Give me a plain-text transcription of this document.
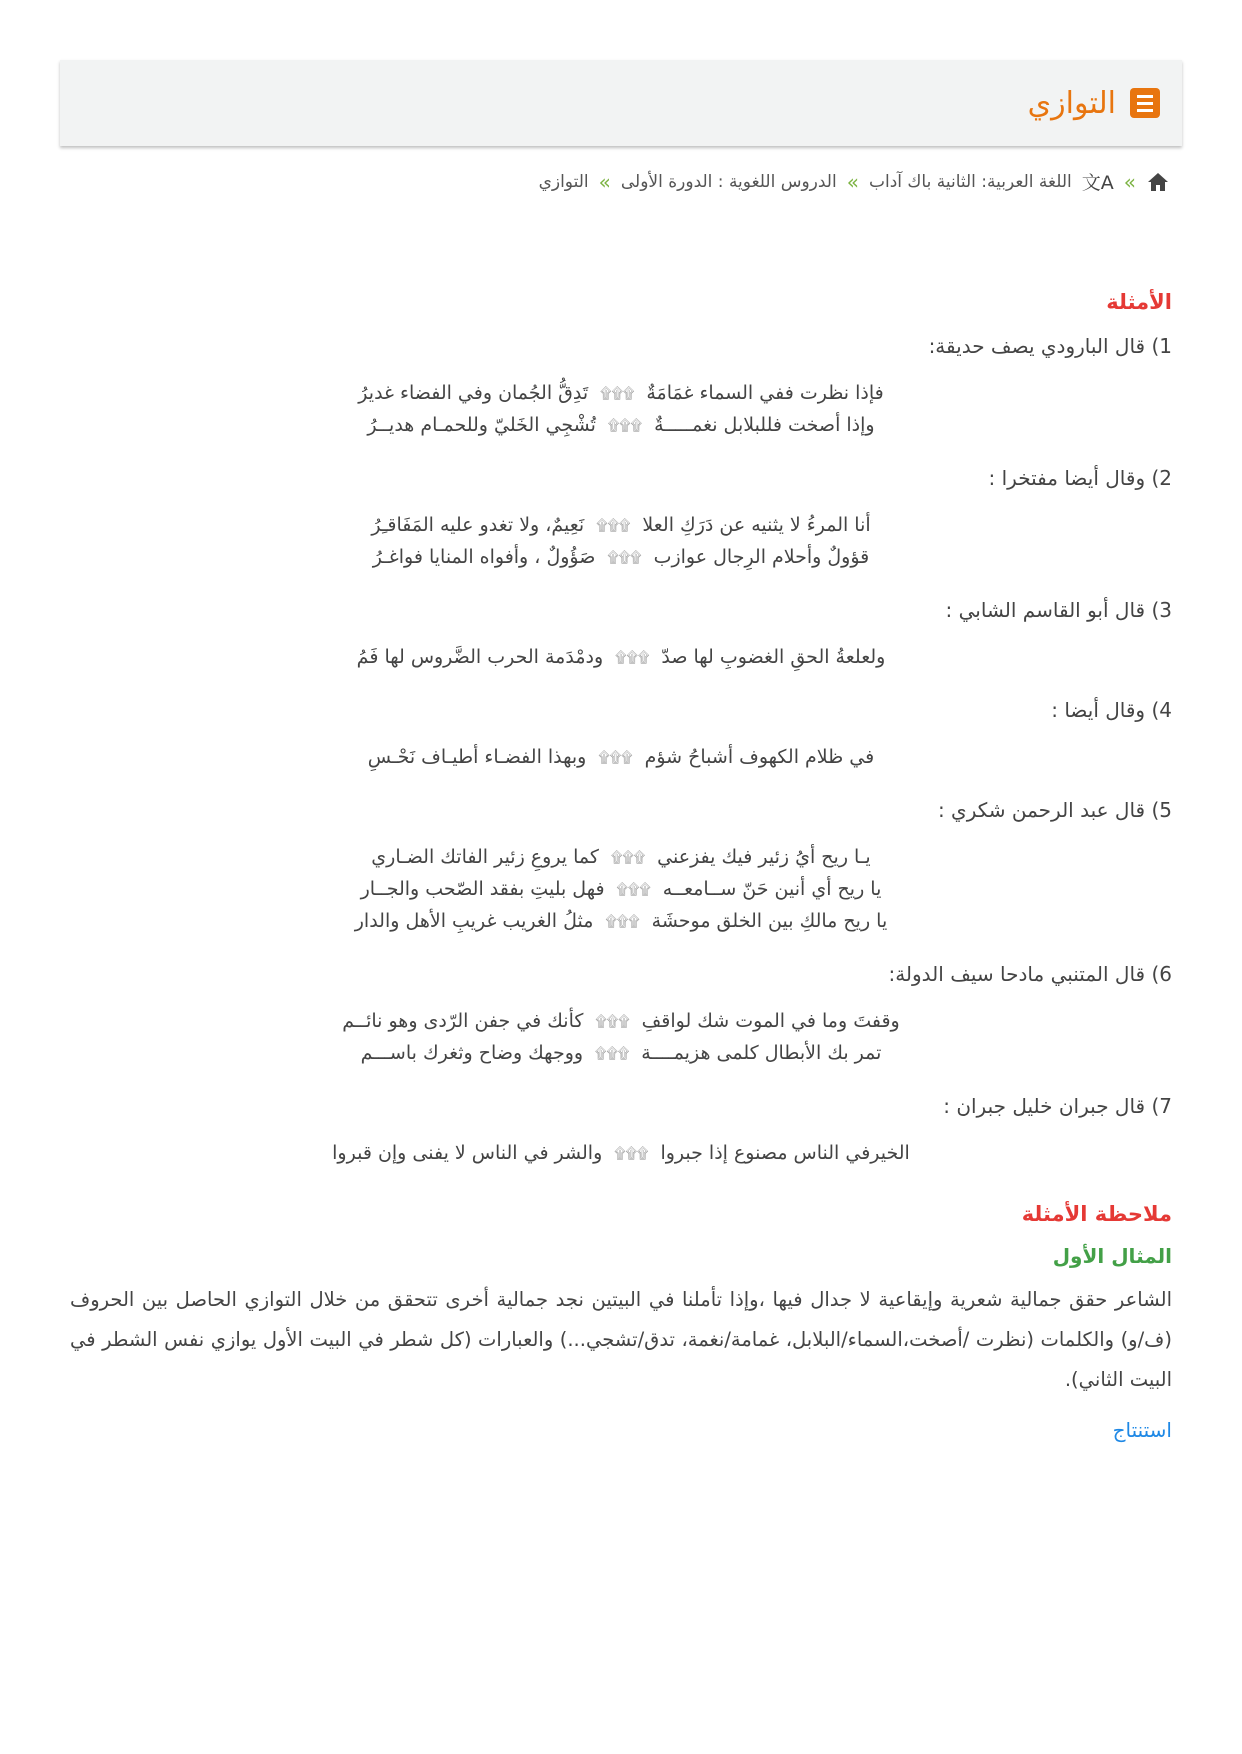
التوازي
»
文A
اللغة العربية: الثانية باك آداب
»
الدروس اللغوية : الدورة الأولى
»
التوازي
الأمثلة

1) قال البارودي يصف حديقة:

فإذا نظرت ففي السماء غمَامَةٌ
۩۩۩
تَدِقُّ الجُمان وفي الفضاء غديرُ
وإذا أصخت فللبلابل نغمـــــةٌ
۩۩۩
تُشْجِي الخَليّ وللحمـام هديــرُ

2) وقال أيضا مفتخرا :

أنا المرءُ لا يثنيه عن دَرَكِ العلا
۩۩۩
نَعِيمٌ، ولا تغدو عليه المَفَاقـِرُ
قؤولٌ وأحلام الرِجال عوازب
۩۩۩
صَؤُولٌ ، وأفواه المنايا فواغـرُ

3) قال أبو القاسم الشابي :

ولعلعةُ الحقِ الغضوبِ لها صدّ
۩۩۩
ودمْدَمة الحرب الضَّروس لها فَمُ

4) وقال أيضا :

في ظلام الكهوف أشباحُ شؤم
۩۩۩
وبهذا الفضـاء أطيـاف نَحْـسِ

5) قال عبد الرحمن شكري :

يـا ريح أيُ زئير فيك يفزعني
۩۩۩
كما يروعِ زئير الفاتك الضـاري
يا ريح أي أنين حَنّ ســامعــه
۩۩۩
فهل بليتِ بفقد الصّحب والجــار
يا ريح مالكِ بين الخلق موحشَة
۩۩۩
مثلُ الغريب غريبِ الأهل والدار

6) قال المتنبي مادحا سيف الدولة:

وقفتَ وما في الموت شك لواقفِ
۩۩۩
كأنك في جفن الرّدى وهو نائــم
تمر بك الأبطال كلمى هزيمــــة
۩۩۩
ووجهك وضاح وثغرك باســـم

7) قال جبران خليل جبران :

الخيرفي الناس مصنوع إذا جبروا
۩۩۩
والشر في الناس لا يفنى وإن قبروا
ملاحظة الأمثلة
المثال الأول

الشاعر حقق جمالية شعرية وإيقاعية لا جدال فيها ،وإذا تأملنا في البيتين نجد جمالية أخرى تتحقق من خلال التوازي الحاصل بين الحروف (ف/و) والكلمات (نظرت /أصخت،السماء/البلابل، غمامة/نغمة، تدق/تشجي...) والعبارات (كل شطر في البيت الأول يوازي نفس الشطر في البيت الثاني).

استنتاج
